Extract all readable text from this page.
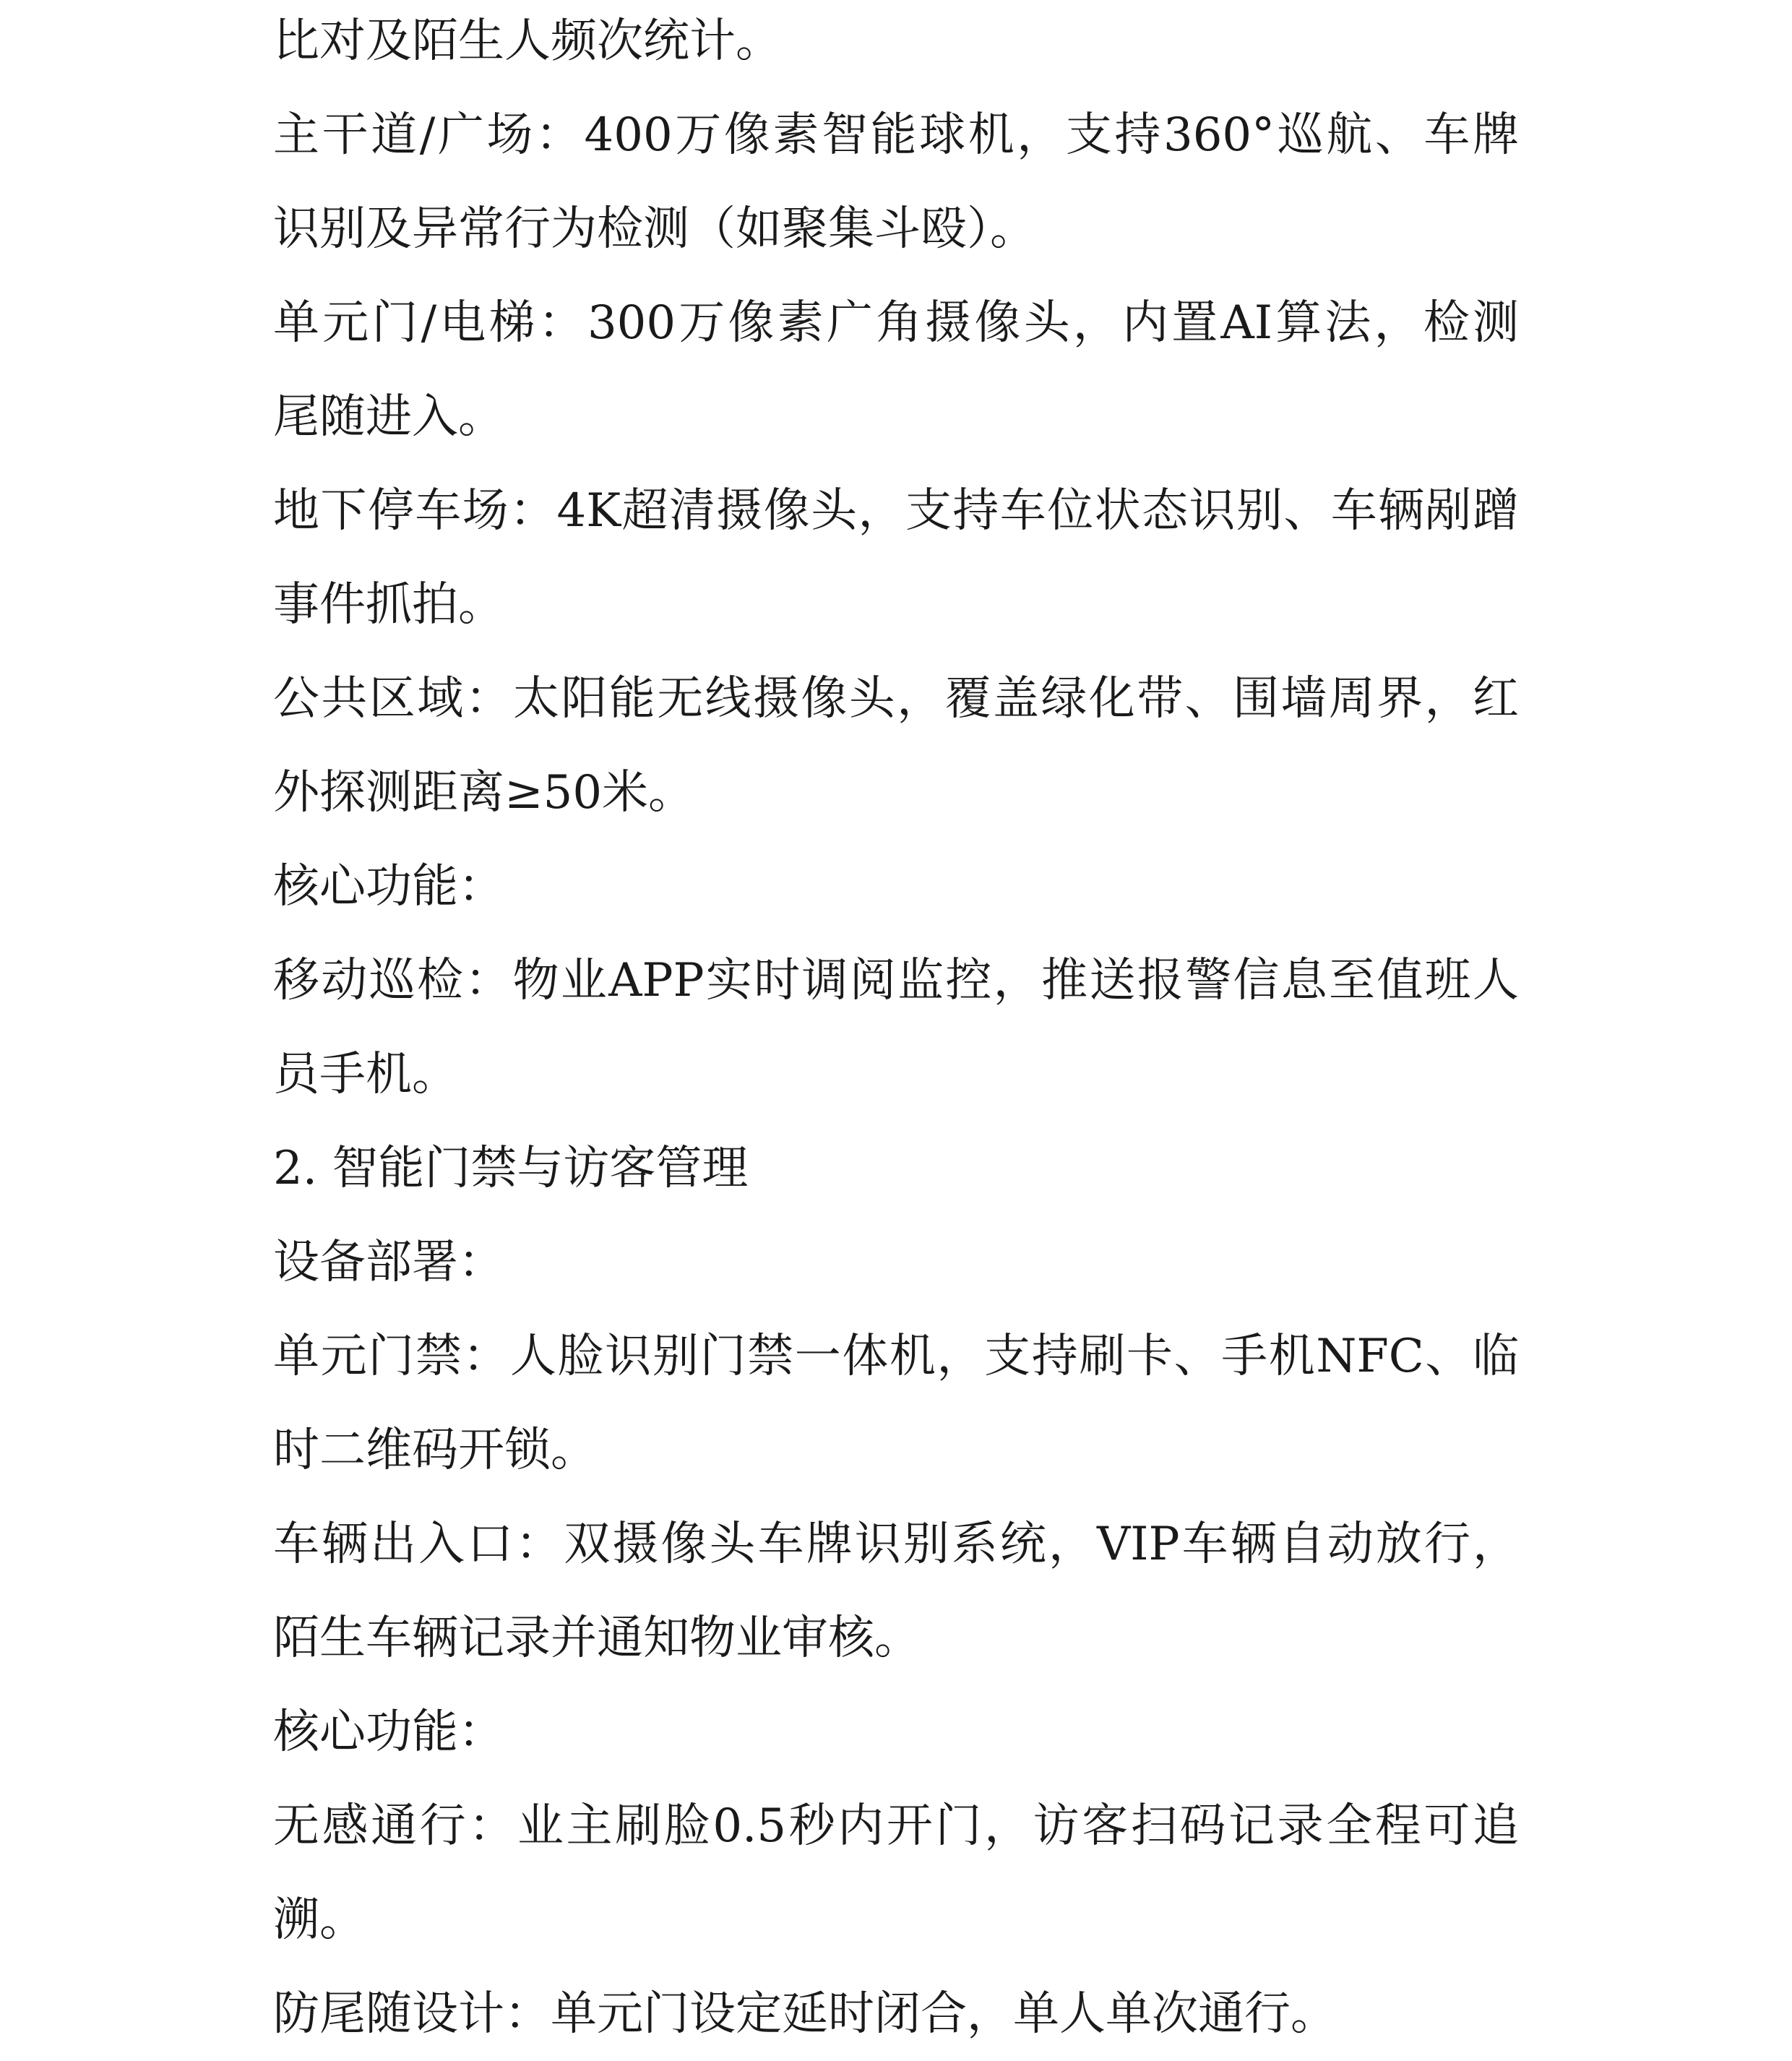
比对及陌生人频次统计。
主干道/广场：400万像素智能球机，支持360°巡航、车牌
识别及异常行为检测（如聚集斗殴）。
单元门/电梯：300万像素广角摄像头，内置AI算法，检测
尾随进入。
地下停车场：4K超清摄像头，支持车位状态识别、车辆剐蹭
事件抓拍。
公共区域：太阳能无线摄像头，覆盖绿化带、围墙周界，红
外探测距离≥50米。
核心功能：
移动巡检：物业APP实时调阅监控，推送报警信息至值班人
员手机。
2. 智能门禁与访客管理
设备部署：
单元门禁：人脸识别门禁一体机，支持刷卡、手机NFC、临
时二维码开锁。
车辆出入口：双摄像头车牌识别系统，VIP车辆自动放行，
陌生车辆记录并通知物业审核。
核心功能：
无感通行：业主刷脸0.5秒内开门，访客扫码记录全程可追
溯。
防尾随设计：单元门设定延时闭合，单人单次通行。
